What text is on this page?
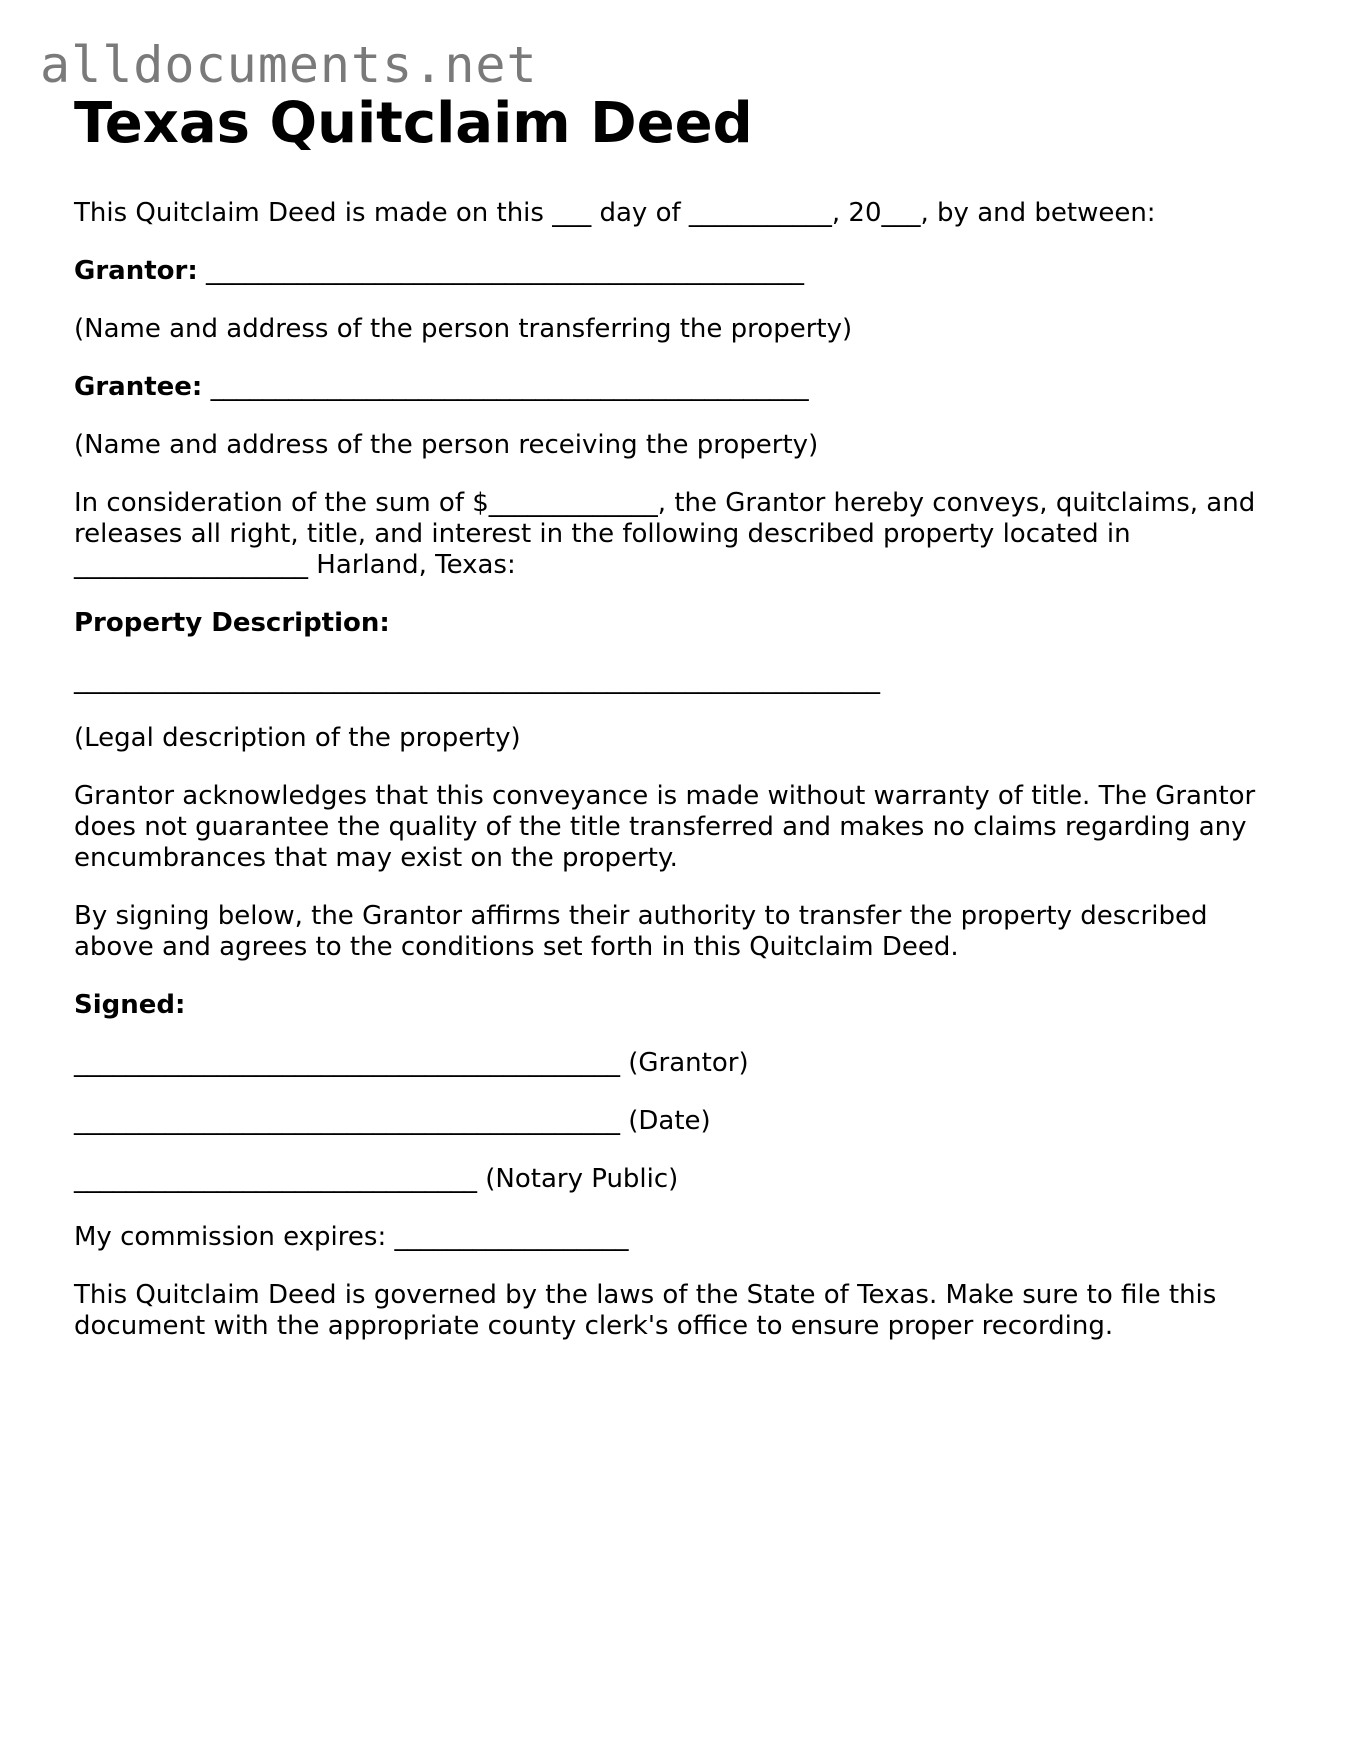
alldocuments.net
Texas Quitclaim Deed

This Quitclaim Deed is made on this ___ day of ___________, 20___, by and between:

Grantor: ______________________________________________

(Name and address of the person transferring the property)

Grantee: ______________________________________________

(Name and address of the person receiving the property)

In consideration of the sum of $_____________, the Grantor hereby conveys, quitclaims, and

releases all right, title, and interest in the following described property located in

__________________ Harland, Texas:

Property Description:

______________________________________________________________

(Legal description of the property)

Grantor acknowledges that this conveyance is made without warranty of title. The Grantor

does not guarantee the quality of the title transferred and makes no claims regarding any

encumbrances that may exist on the property.

By signing below, the Grantor affirms their authority to transfer the property described

above and agrees to the conditions set forth in this Quitclaim Deed.

Signed:

__________________________________________ (Grantor)

__________________________________________ (Date)

_______________________________ (Notary Public)

My commission expires: __________________

This Quitclaim Deed is governed by the laws of the State of Texas. Make sure to file this

document with the appropriate county clerk's office to ensure proper recording.
